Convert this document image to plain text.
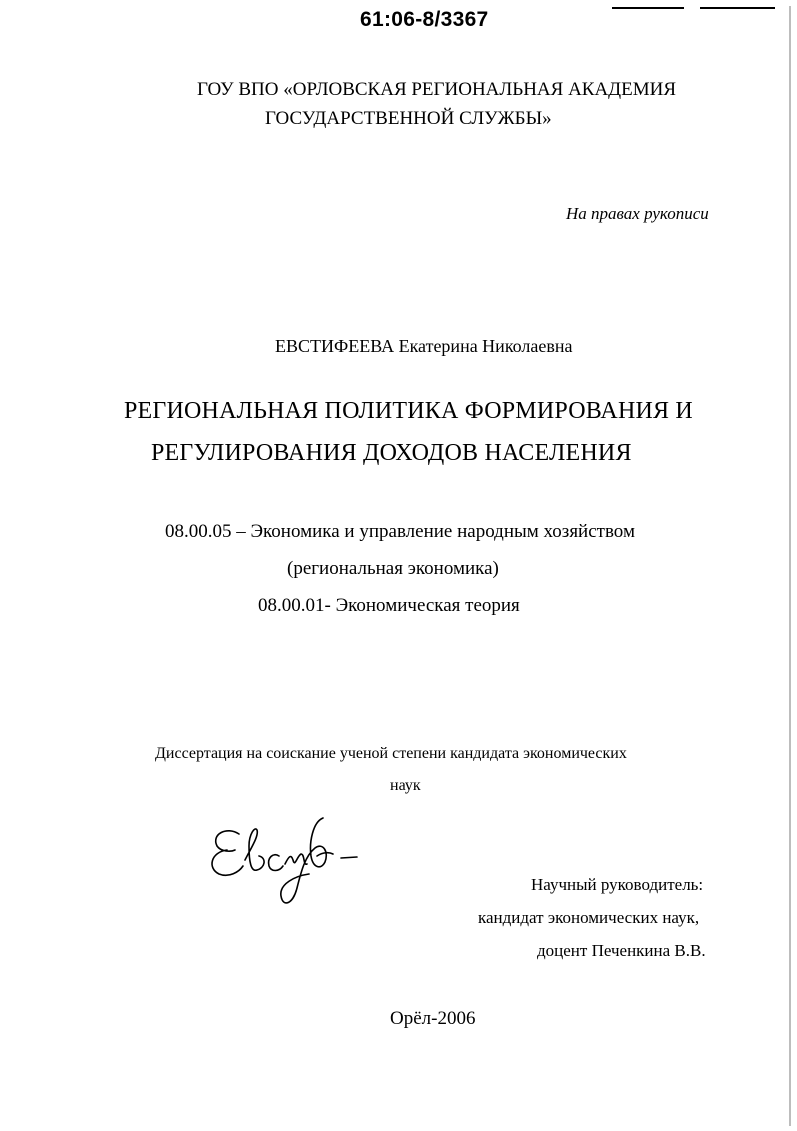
61:06-8/3367
ГОУ ВПО «ОРЛОВСКАЯ РЕГИОНАЛЬНАЯ АКАДЕМИЯ
ГОСУДАРСТВЕННОЙ СЛУЖБЫ»
На правах рукописи
ЕВСТИФЕЕВА Екатерина Николаевна
РЕГИОНАЛЬНАЯ ПОЛИТИКА ФОРМИРОВАНИЯ И
РЕГУЛИРОВАНИЯ ДОХОДОВ НАСЕЛЕНИЯ
08.00.05 – Экономика и управление народным хозяйством
(региональная экономика)
08.00.01- Экономическая теория
Диссертация на соискание ученой степени кандидата экономических
наук
Научный руководитель:
кандидат экономических наук,
доцент Печенкина В.В.
Орёл-2006
